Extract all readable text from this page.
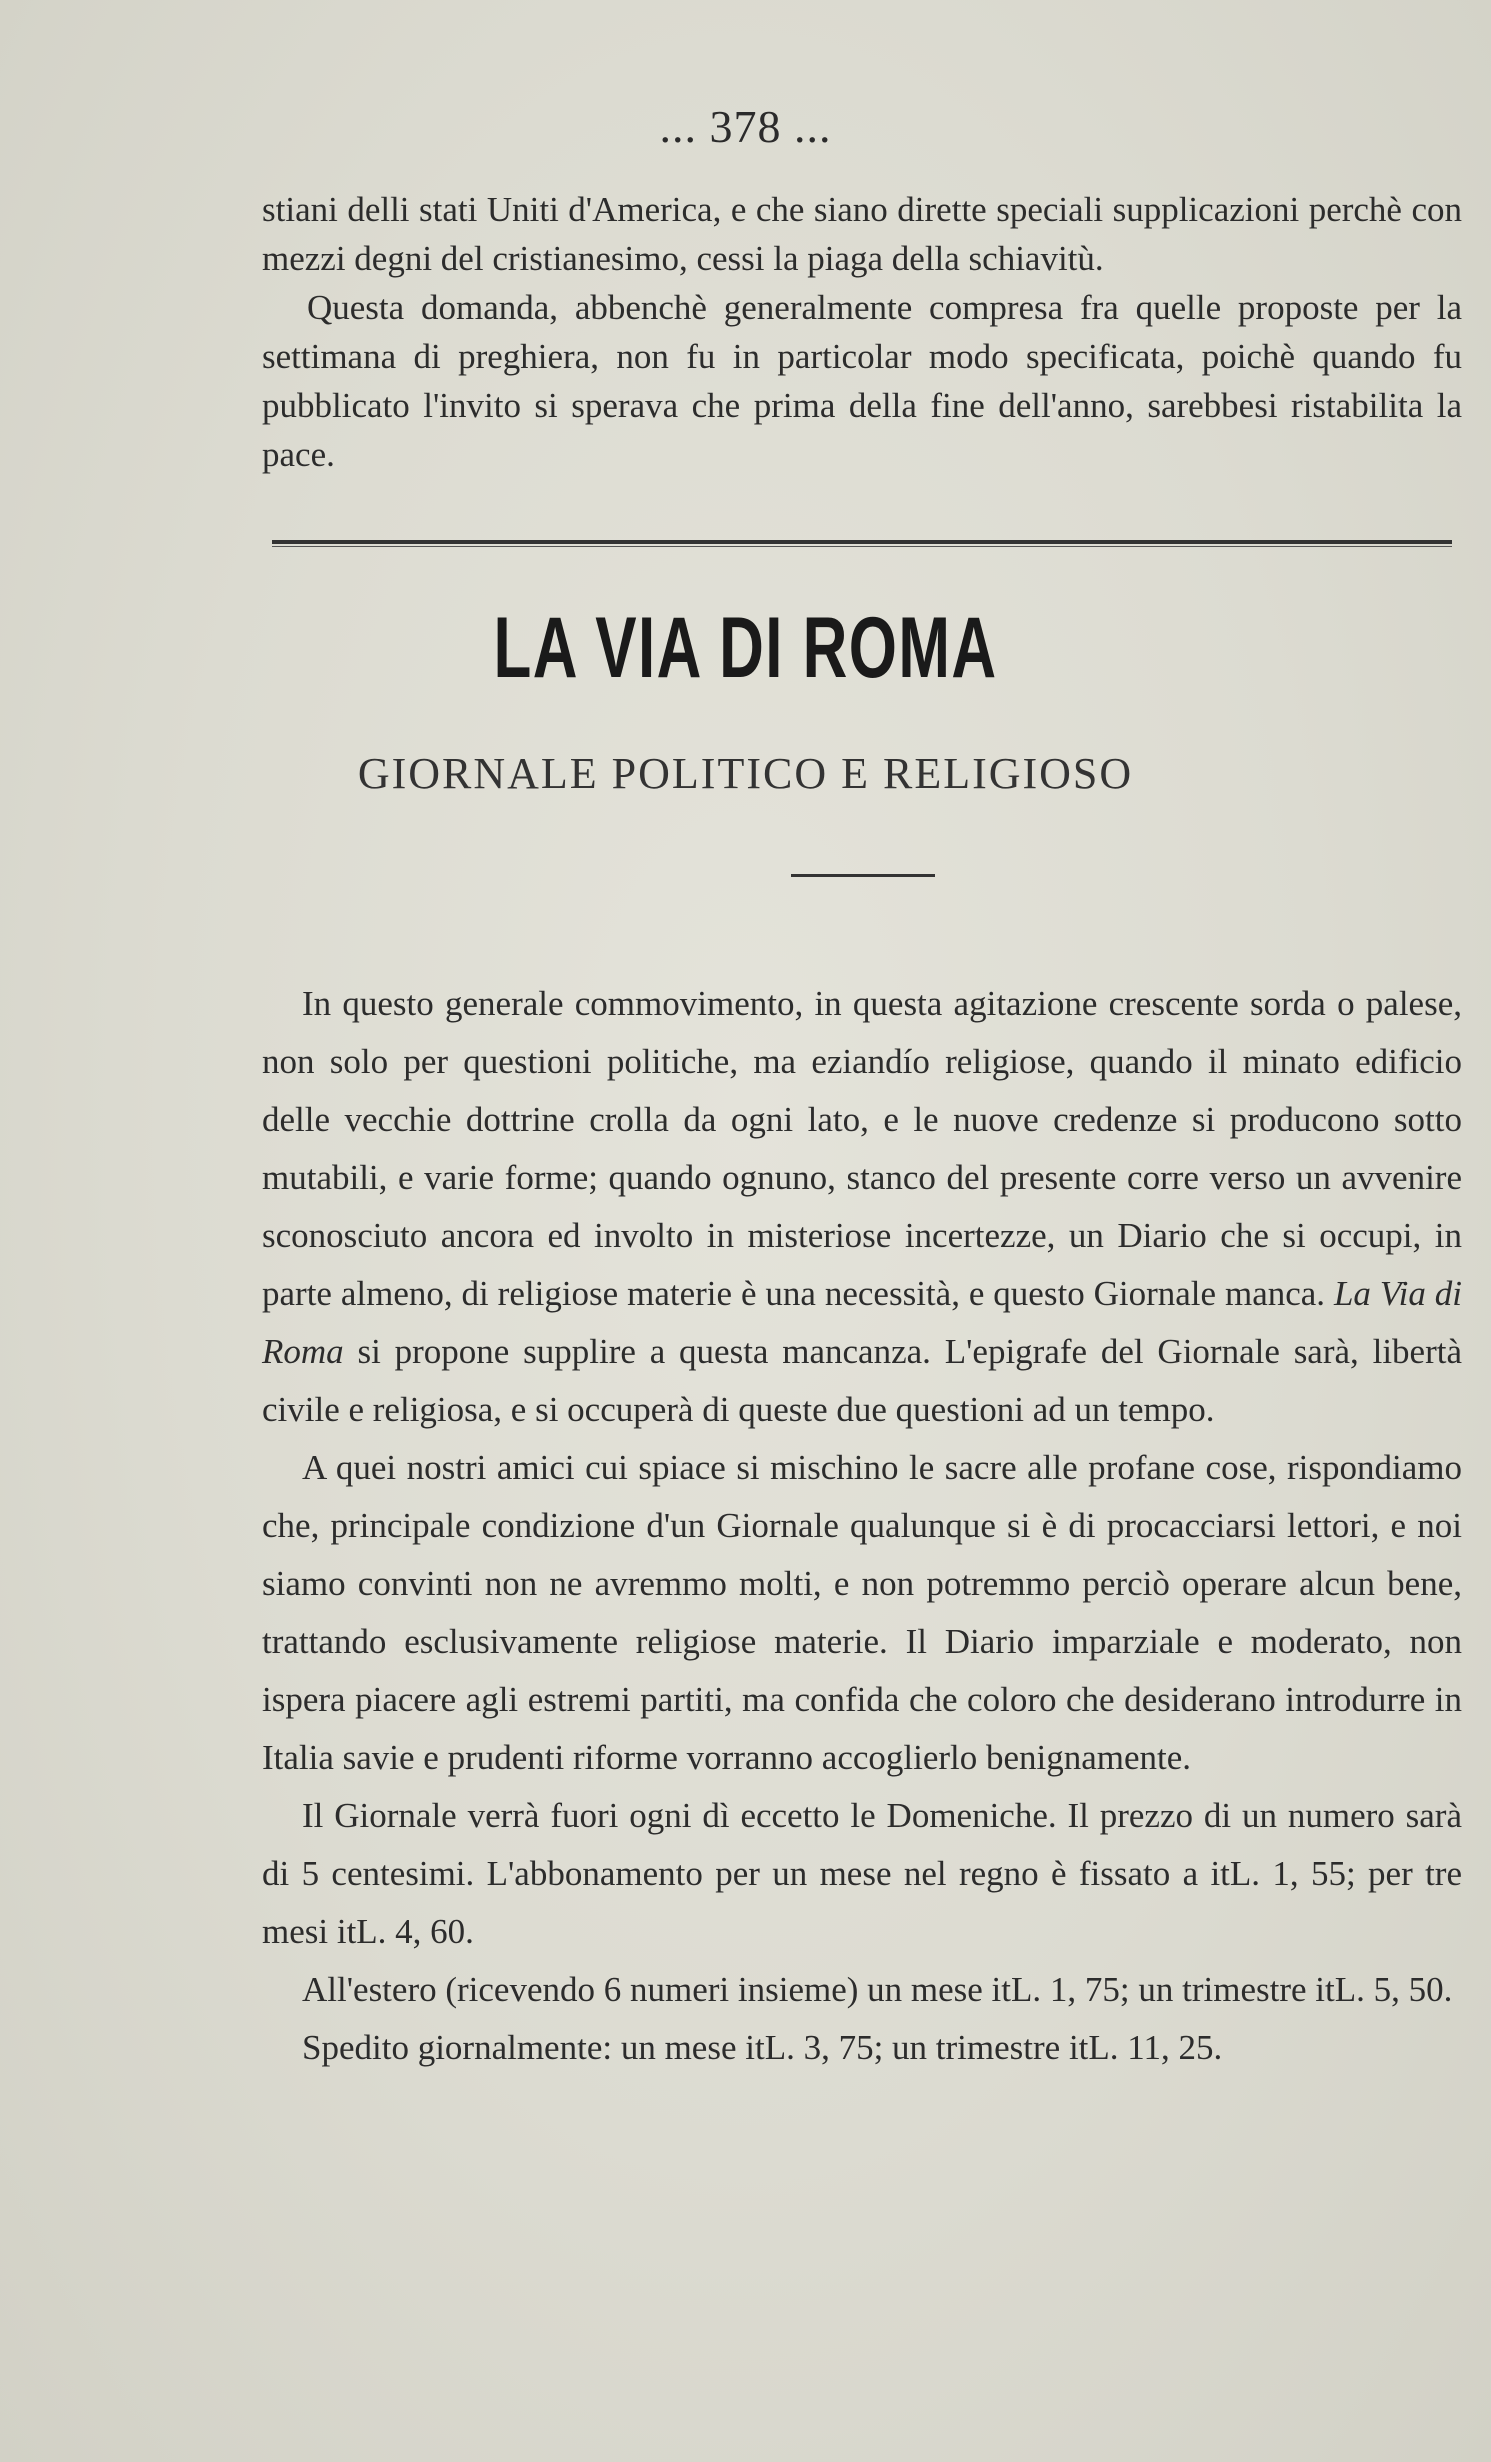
... 378 ...

stiani delli stati Uniti d'America, e che siano dirette speciali supplicazioni perchè con mezzi degni del cristianesimo, cessi la piaga della schiavitù.

Questa domanda, abbenchè generalmente compresa fra quelle proposte per la settimana di preghiera, non fu in particolar modo specificata, poichè quando fu pubblicato l'invito si sperava che prima della fine dell'anno, sarebbesi ristabilita la pace.

LA VIA DI ROMA
GIORNALE POLITICO E RELIGIOSO

In questo generale commovimento, in questa agitazione crescente sorda o palese, non solo per questioni politiche, ma eziandío religiose, quando il minato edificio delle vecchie dottrine crolla da ogni lato, e le nuove credenze si producono sotto mutabili, e varie forme; quando ognuno, stanco del presente corre verso un avvenire sconosciuto ancora ed involto in misteriose incertezze, un Diario che si occupi, in parte almeno, di religiose materie è una necessità, e questo Giornale manca. La Via di Roma si propone supplire a questa mancanza. L'epigrafe del Giornale sarà, libertà civile e religiosa, e si occuperà di queste due questioni ad un tempo.

A quei nostri amici cui spiace si mischino le sacre alle profane cose, rispondiamo che, principale condizione d'un Giornale qualunque si è di procacciarsi lettori, e noi siamo convinti non ne avremmo molti, e non potremmo perciò operare alcun bene, trattando esclusivamente religiose materie. Il Diario imparziale e moderato, non ispera piacere agli estremi partiti, ma confida che coloro che desiderano introdurre in Italia savie e prudenti riforme vorranno accoglierlo benignamente.

Il Giornale verrà fuori ogni dì eccetto le Domeniche. Il prezzo di un numero sarà di 5 centesimi. L'abbonamento per un mese nel regno è fissato a itL. 1, 55; per tre mesi itL. 4, 60.

All'estero (ricevendo 6 numeri insieme) un mese itL. 1, 75; un trimestre itL. 5, 50.

Spedito giornalmente: un mese itL. 3, 75; un trimestre itL. 11, 25.
